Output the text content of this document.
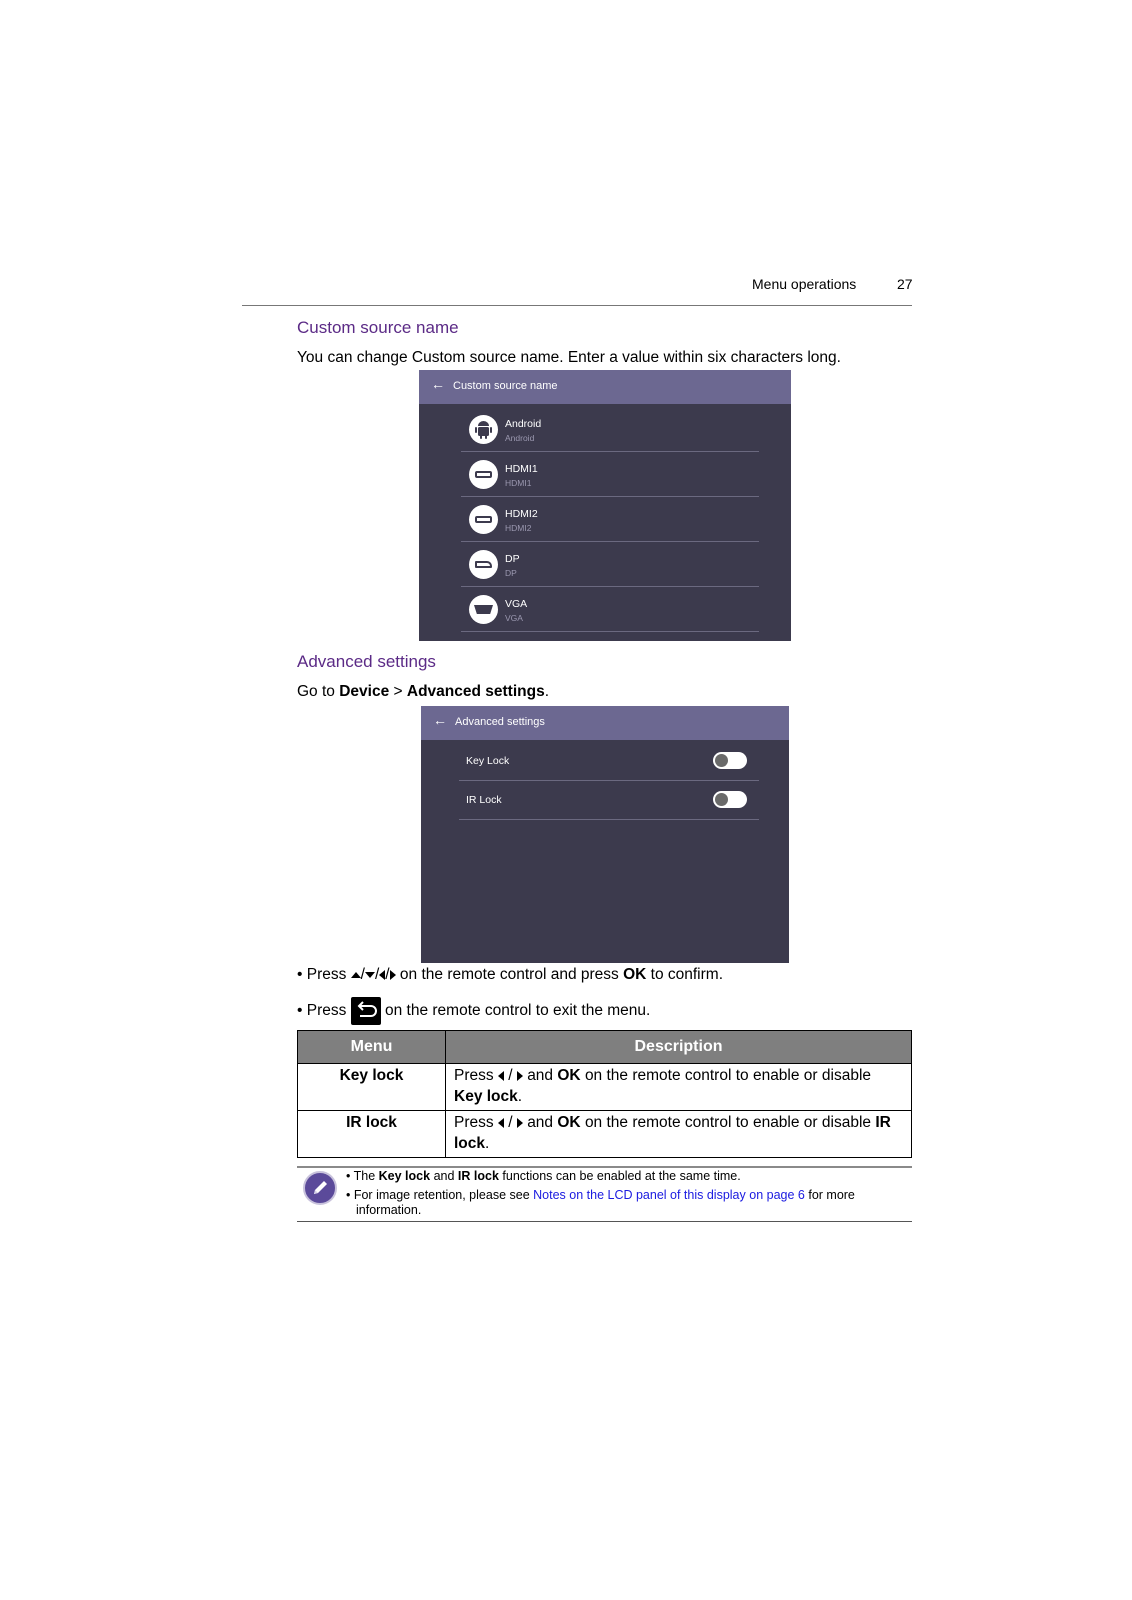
Menu operations	27
Custom source name
You can change Custom source name. Enter a value within six characters long.
← Custom source name
Android
Android
HDMI1
HDMI1
HDMI2
HDMI2
DP
DP
VGA
VGA
Advanced settings
Go to Device > Advanced settings.
← Advanced settings
Key Lock
IR Lock
• Press / / / on the remote control and press OK to confirm.
• Press on the remote control to exit the menu.
Menu	Description
Key lock	Press / and OK on the remote control to enable or disable Key lock.
IR lock	Press / and OK on the remote control to enable or disable IR lock.
• The Key lock and IR lock functions can be enabled at the same time.
• For image retention, please see Notes on the LCD panel of this display on page 6 for more
information.
